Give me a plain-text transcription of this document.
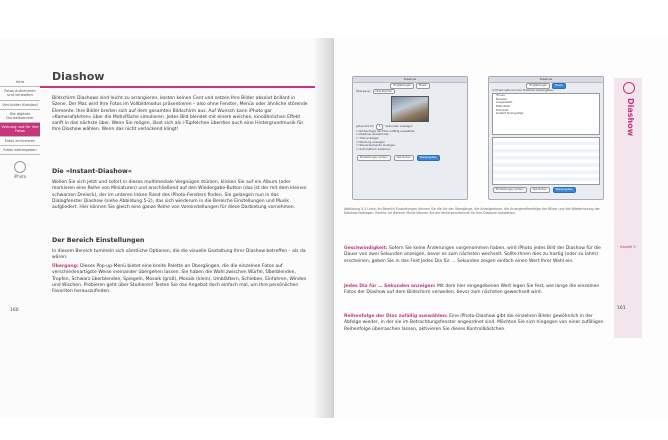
Intro
Fotos Aufnehmen und verwalten
Verrückter Kreislauf
Die digitale Dunkelkammer
Verbung und für ihre Fotos
Fotos archivieren
Fotos weitergeben
iPhoto
160
Diashow
Bildschirm Diashows sind leicht zu arrangieren, kosten keinen Cent und setzen Ihre Bilder absolut brillant in Szene. Der Mac wird Ihre Fotos im Vollbildmodus präsentieren – also ohne Fenster, Menüs oder ähnliche störende Elemente. Ihre Bilder breiten sich auf dem gesamten Bildschirm aus. Auf Wunsch kann iPhoto gar »Kamerafahrten« über die Motivfläche simulieren. Jedes Bild blendet mit einem weichen, kinoähnlichen Effekt sanft in das nächste über. Wenn Sie mögen, lässt sich als i-Tüpfelchen überdies auch eine Hintergrundmusik für Ihre Diashow wählen. Wenn das nicht verlockend klingt!
Die »Instant-Diashow«
Wollen Sie sich jetzt und sofort in dieses multimediale Vergnügen stürzen, klicken Sie auf ein Album (oder markieren eine Reihe von Miniaturen) und anschließend auf den Wiedergabe-Button (das ist der mit dem kleinen schwarzen Dreieck), der im unteren linken Rand des iPhoto-Fensters finden. Sie gelangen nun in das Dialogfenster Diashow (siehe Abbildung 5-2), das sich wiederum in die Bereiche Einstellungen und Musik aufgliedert. Hier können Sie gleich eine ganze Reihe von Voreinstellungen für diese Darbietung vornehmen.
Der Bereich Einstellungen
In diesem Bereich tummeln sich sämtliche Optionen, die die visuelle Gestaltung Ihrer Diashow betreffen – als da wären:
Übergang: Dieses Pop-up-Menü bietet eine breite Palette an Übergängen, die die einzelnen Fotos auf verschiedenartigste Weise ineinander übergehen lassen. Sie haben die Wahl zwischen Würfel, Überblenden, Tropfen, Schwarz überblenden, Spiegeln, Mosaik (groß), Mosaik (klein), Umblättern, Schieben, Einfahren, Winden und Wischen. Probieren geht über Studieren! Testen Sie das Angebot doch einfach mal, um Ihre persönlichen Favoriten herauszufinden.
Diashow
Einstellungen	Musik
Übergang: Überblenden
Jedes Dia für 2 Sekunden anzeigen
☐ Reihenfolge der Dias zufällig auswählen
☐ Diashow wiederholen
☐ Titel anzeigen
☐ Wertung anzeigen
☐ Steuerelemente anzeigen
☐ Automatisch skalieren
Einstellungen sichern	Abbrechen	Wiedergeben
Diashow
Einstellungen	Musik
☑ Musik während der Diashow wiedergeben
iTunes
Beispiel
Ausgewählt
Bibliothek
Podcasts
Zuletzt hinzugefügt
Einstellungen sichern	Abbrechen	Wiedergeben
Abbildung 5-2 Links: Im Bereich Einstellungen können Sie die Art der Übergänge, die Anzeigedauer, die Anzeigereihenfolge der Bilder und die Wiederholung der Diashow festlegen. Rechts: Im Bereich Musik können Sie die Hintergrundmusik für Ihre Diashow auswählen.
Geschwindigkeit: Sofern Sie keine Änderungen vorgenommen haben, wird iPhoto jedes Bild der Diashow für die Dauer von zwei Sekunden anzeigen, bevor es zum nächsten wechselt. Sollte Ihnen dies zu hastig (oder zu lahm) erscheinen, geben Sie in das Feld Jedes Dia für … Sekunden zeigen einfach einen Wert Ihrer Wahl ein.
Jedes Dia für … Sekunden anzeigen: Mit dem hier eingegebenen Wert legen Sie fest, wie lange die einzelnen Fotos der Diashow auf dem Bildschirm verweilen, bevor zum nächsten gewechselt wird.
Reihenfolge der Dias zufällig auswählen: Eine iPhoto-Diashow gibt die einzelnen Bilder gewöhnlich in der Abfolge wieder, in der sie im Betrachtungsfenster angeordnet sind. Möchten Sie sich hingegen von einer zufälligen Reihenfolge überraschen lassen, aktivieren Sie dieses Kontrollkästchen.
Diashow
Kapitel 5
161
